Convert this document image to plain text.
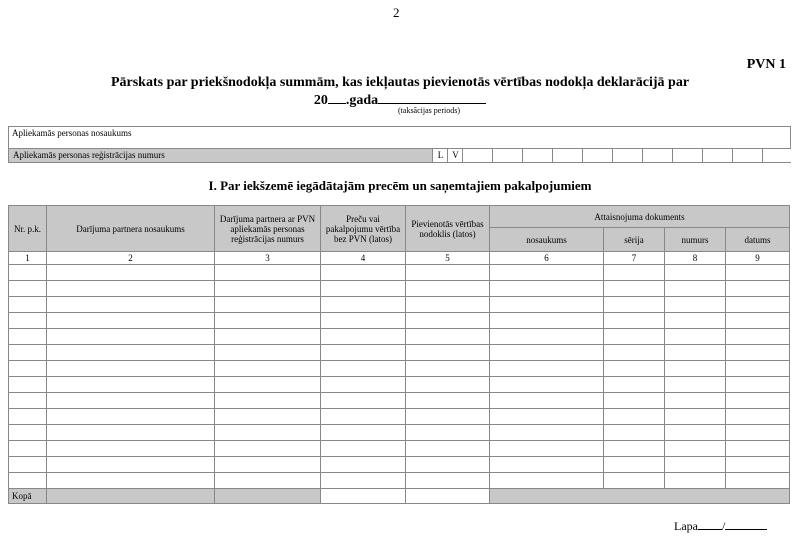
2
PVN 1
Pārskats par priekšnodokļa summām, kas iekļautas pievienotās vērtības nodokļa deklarācijā par
20 .gada
(taksācijas periods)
Apliekamās personas nosaukums
Apliekamās personas reģistrācijas numurs	L	V
I. Par iekšzemē iegādātajām precēm un saņemtajiem pakalpojumiem
Nr. p.k.	Darījuma partnera nosaukums	Darījuma partnera ar PVN apliekamās personas reģistrācijas numurs	Preču vai pakalpojumu vērtība bez PVN (latos)	Pievienotās vērtības nodoklis (latos)	Attaisnojuma dokuments			
					nosaukums	sērija	numurs	datums
1	2	3	4	5	6	7	8	9

Kopā								
Lapa /
